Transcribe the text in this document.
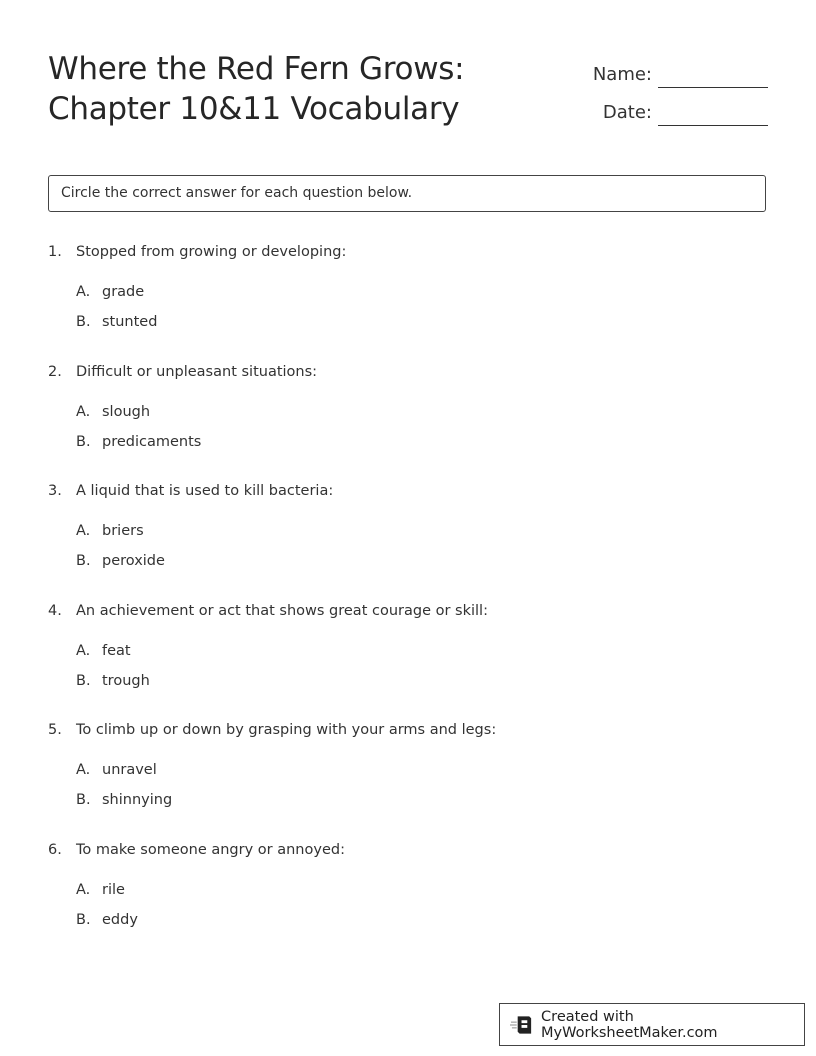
Where the Red Fern Grows:
Chapter 10&11 Vocabulary
Name:
Date:
Circle the correct answer for each question below.
1. Stopped from growing or developing:
A. grade
B. stunted
2. Difficult or unpleasant situations:
A. slough
B. predicaments
3. A liquid that is used to kill bacteria:
A. briers
B. peroxide
4. An achievement or act that shows great courage or skill:
A. feat
B. trough
5. To climb up or down by grasping with your arms and legs:
A. unravel
B. shinnying
6. To make someone angry or annoyed:
A. rile
B. eddy
Created with MyWorksheetMaker.com
